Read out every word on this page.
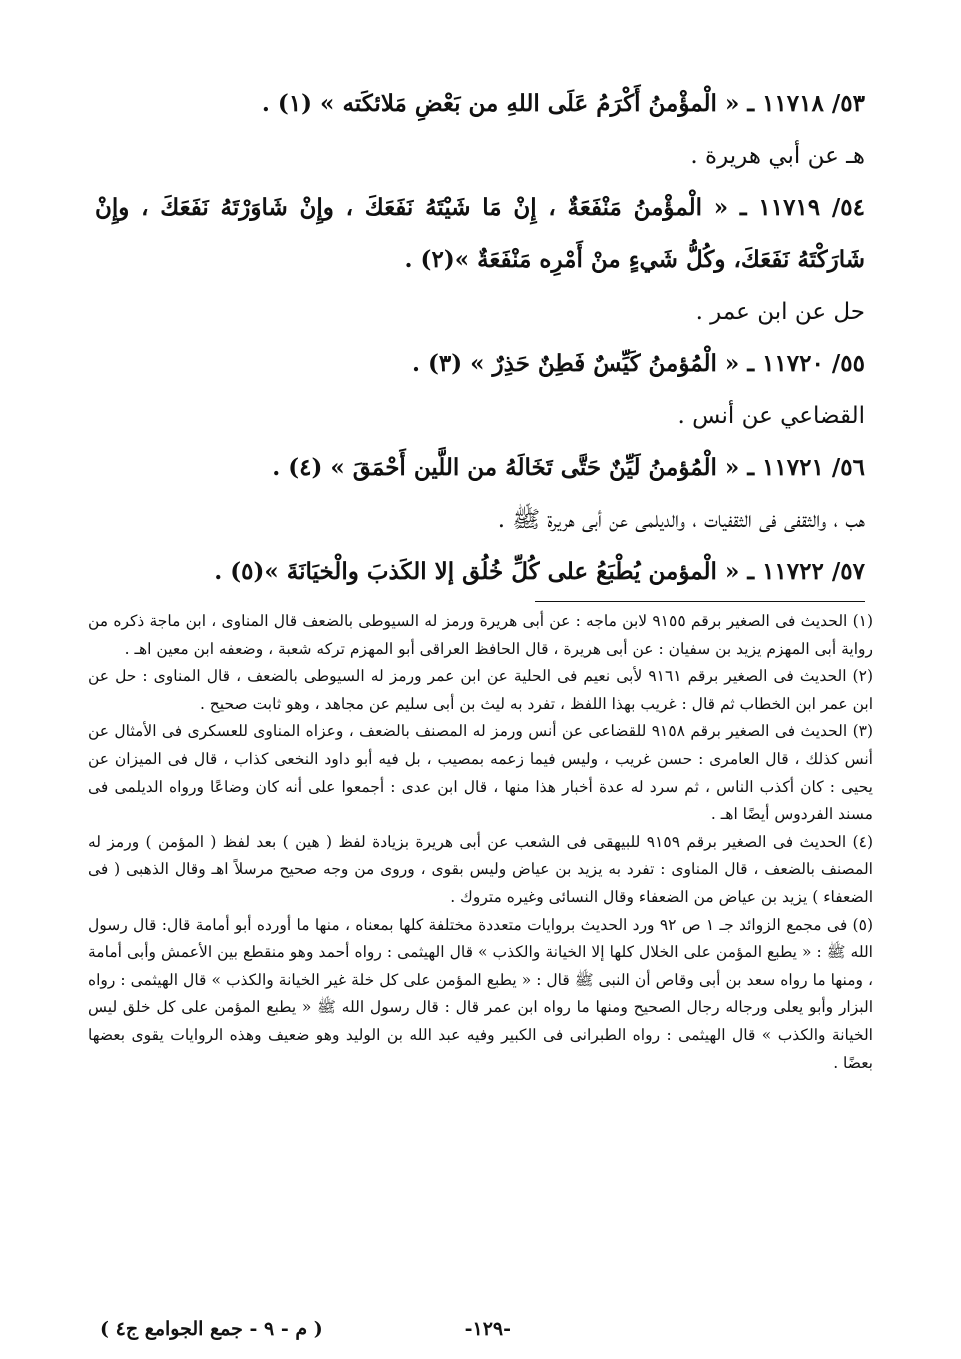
٥٣/ ١١٧١٨ ـ « الْمؤْمنُ أَكْرَمُ عَلَى اللهِ من بَعْضِ مَلائكَته » (١) .
هـ عن أبي هريرة .
٥٤/ ١١٧١٩ ـ « الْمؤْمنُ مَنْفَعَةٌ ، إِنْ مَا شَيْتَهُ نَفَعَكَ ، وإِنْ شَاوَرْتَهُ نَفَعَكَ ، وإِنْ
شَارَكْتَهُ نَفَعَكَ، وكُلُّ شَيءٍ منْ أَمْرِه مَنْفَعَةٌ »(٢) .
حل عن ابن عمر .
٥٥/ ١١٧٢٠ ـ « الْمُؤمنُ كَيِّسٌ فَطِنٌ حَذِرٌ » (٣) .
القضاعي عن أنس .
٥٦/ ١١٧٢١ ـ « الْمُؤمنُ لَيِّنٌ حَتَّى تَخَالَهُ من اللَّين أَحْمَقَ » (٤) .
هب ، والثقفى فى الثقفيات ، والديلمى عن أبى هريرة ﷺ .
٥٧/ ١١٧٢٢ ـ « الْمؤمن يُطْبَعُ على كُلِّ خُلُق إلا الكَذبَ والْخيَانَةَ »(٥) .

(١) الحديث فى الصغير برقم ٩١٥٥ لابن ماجه : عن أبى هريرة ورمز له السيوطى بالضعف قال المناوى ، ابن ماجة ذكره من رواية أبى المهزم يزيد بن سفيان : عن أبى هريرة ، قال الحافظ العراقى أبو المهزم تركه شعبة ، وضعفه ابن معين اهـ .

(٢) الحديث فى الصغير برقم ٩١٦١ لأبى نعيم فى الحلية عن ابن عمر ورمز له السيوطى بالضعف ، قال المناوى : حل عن ابن عمر ابن الخطاب ثم قال : غريب بهذا اللفظ ، تفرد به ليث بن أبى سليم عن مجاهد ، وهو ثابت صحيح .

(٣) الحديث فى الصغير برقم ٩١٥٨ للقضاعى عن أنس ورمز له المصنف بالضعف ، وعزاه المناوى للعسكرى فى الأمثال عن أنس كذلك ، قال العامرى : حسن غريب ، وليس فيما زعمه بمصيب ، بل فيه أبو داود النخعى كذاب ، قال فى الميزان عن يحيى : كان أكذب الناس ، ثم سرد له عدة أخبار هذا منها ، قال ابن عدى : أجمعوا على أنه كان وضاعًا ورواه الديلمى فى مسند الفردوس أيضًا اهـ .

(٤) الحديث فى الصغير برقم ٩١٥٩ للبيهقى فى الشعب عن أبى هريرة بزيادة لفظ ( هين ) بعد لفظ ( المؤمن ) ورمز له المصنف بالضعف ، قال المناوى : تفرد به يزيد بن عياض وليس بقوى ، وروى من وجه صحيح مرسلاً اهـ وقال الذهبى ( فى الضعفاء ) يزيد بن عياض من الضعفاء وقال النسائى وغيره متروك .

(٥) فى مجمع الزوائد جـ ١ ص ٩٢ ورد الحديث بروايات متعددة مختلفة كلها بمعناه ، منها ما أورده أبو أمامة قال: قال رسول الله ﷺ : « يطبع المؤمن على الخلال كلها إلا الخيانة والكذب » قال الهيثمى : رواه أحمد وهو منقطع بين الأعمش وأبى أمامة ، ومنها ما رواه سعد بن أبى وقاص أن النبى ﷺ قال : « يطبع المؤمن على كل خلة غير الخيانة والكذب » قال الهيثمى : رواه البزار وأبو يعلى ورجاله رجال الصحيح ومنها ما رواه ابن عمر قال : قال رسول الله ﷺ « يطبع المؤمن على كل خلق ليس الخيانة والكذب » قال الهيثمى : رواه الطبرانى فى الكبير وفيه عبد الله بن الوليد وهو ضعيف وهذه الروايات يقوى بعضها بعضًا .

-١٢٩-
( م - ٩ - جمع الجوامع ج٤ )
